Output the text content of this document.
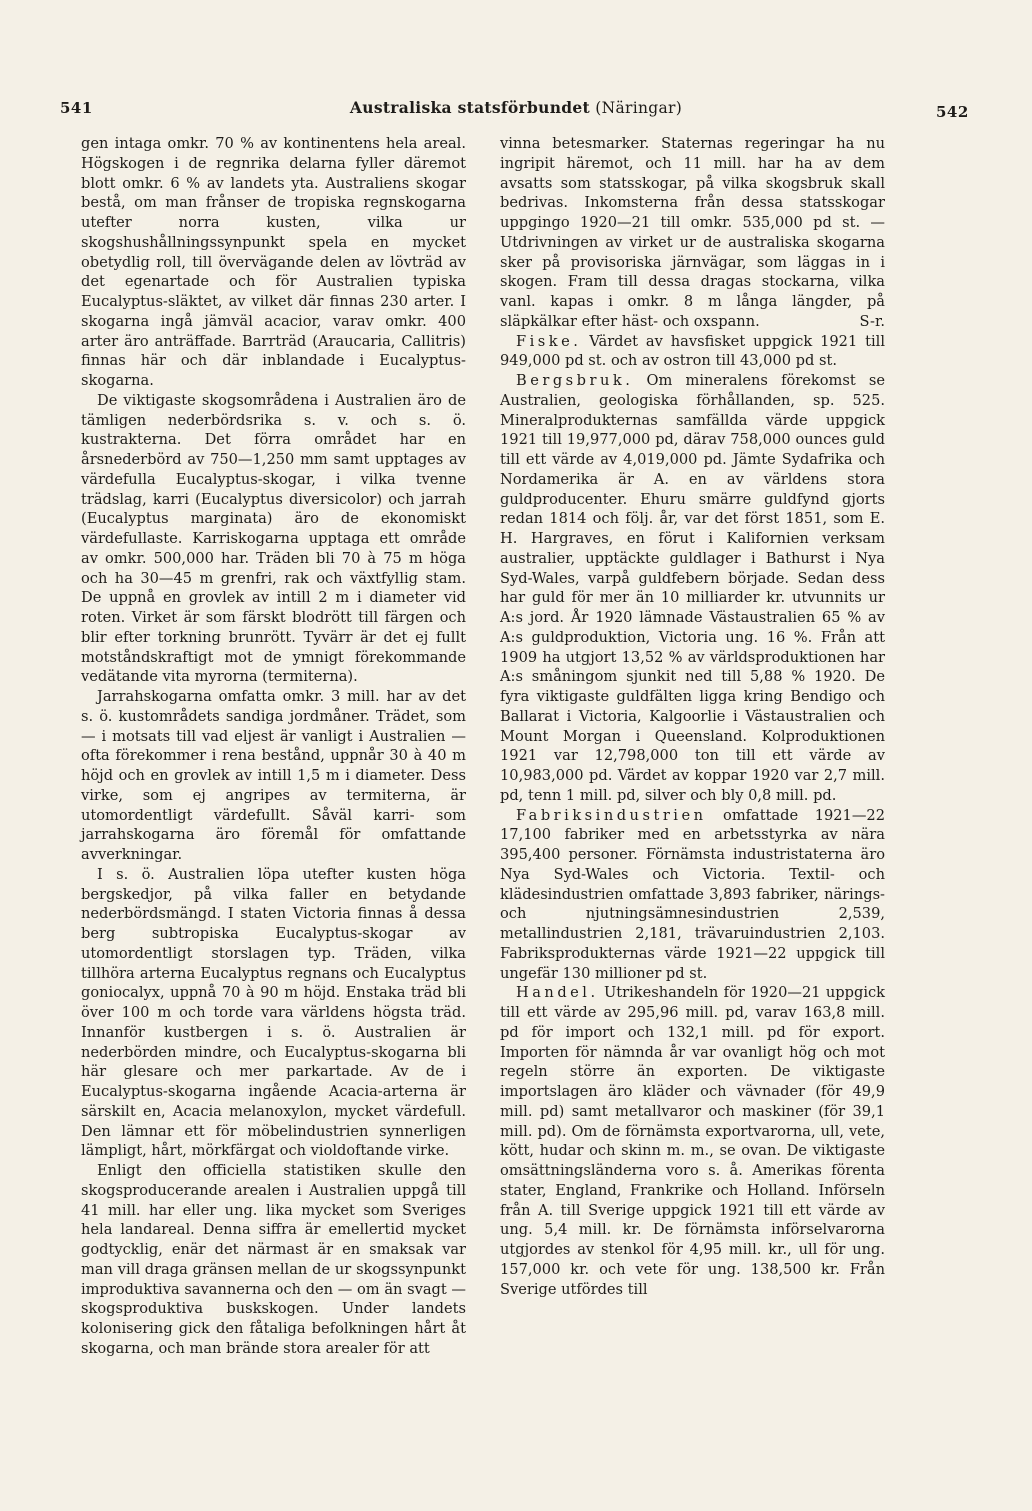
541	Australiska statsförbundet (Näringar)	542

gen intaga omkr. 70 % av kontinentens hela areal. Högskogen i de regnrika delarna fyller däremot blott omkr. 6 % av landets yta. Australiens skogar bestå, om man frånser de tropiska regnskogarna utefter norra kusten, vilka ur skogshushållningssynpunkt spela en mycket obetydlig roll, till övervägande delen av lövträd av det egenartade och för Australien typiska Eucalyptus-släktet, av vilket där finnas 230 arter. I skogarna ingå jämväl acacior, varav omkr. 400 arter äro anträffade. Barrträd (Araucaria, Callitris) finnas här och där inblandade i Eucalyptus-skogarna.

De viktigaste skogsområdena i Australien äro de tämligen nederbördsrika s. v. och s. ö. kustrakterna. Det förra området har en årsnederbörd av 750—1,250 mm samt upptages av värdefulla Eucalyptus-skogar, i vilka tvenne trädslag, karri (Eucalyptus diversicolor) och jarrah (Eucalyptus marginata) äro de ekonomiskt värdefullaste. Karriskogarna upptaga ett område av omkr. 500,000 har. Träden bli 70 à 75 m höga och ha 30—45 m grenfri, rak och växtfyllig stam. De uppnå en grovlek av intill 2 m i diameter vid roten. Virket är som färskt blodrött till färgen och blir efter torkning brunrött. Tyvärr är det ej fullt motståndskraftigt mot de ymnigt förekommande vedätande vita myrorna (termiterna).

Jarrahskogarna omfatta omkr. 3 mill. har av det s. ö. kustområdets sandiga jordmåner. Trädet, som — i motsats till vad eljest är vanligt i Australien — ofta förekommer i rena bestånd, uppnår 30 à 40 m höjd och en grovlek av intill 1,5 m i diameter. Dess virke, som ej angripes av termiterna, är utomordentligt värdefullt. Såväl karri- som jarrahskogarna äro föremål för omfattande avverkningar.

I s. ö. Australien löpa utefter kusten höga bergskedjor, på vilka faller en betydande nederbördsmängd. I staten Victoria finnas å dessa berg subtropiska Eucalyptus-skogar av utomordentligt storslagen typ. Träden, vilka tillhöra arterna Eucalyptus regnans och Eucalyptus goniocalyx, uppnå 70 à 90 m höjd. Enstaka träd bli över 100 m och torde vara världens högsta träd. Innanför kustbergen i s. ö. Australien är nederbörden mindre, och Eucalyptus-skogarna bli här glesare och mer parkartade. Av de i Eucalyptus-skogarna ingående Acacia-arterna är särskilt en, Acacia melanoxylon, mycket värdefull. Den lämnar ett för möbelindustrien synnerligen lämpligt, hårt, mörkfärgat och violdoftande virke.

Enligt den officiella statistiken skulle den skogsproducerande arealen i Australien uppgå till 41 mill. har eller ung. lika mycket som Sveriges hela landareal. Denna siffra är emellertid mycket godtycklig, enär det närmast är en smaksak var man vill draga gränsen mellan de ur skogssynpunkt improduktiva savannerna och den — om än svagt — skogsproduktiva buskskogen. Under landets kolonisering gick den fåtaliga befolkningen hårt åt skogarna, och man brände stora arealer för att

vinna betesmarker. Staternas regeringar ha nu ingripit häremot, och 11 mill. har ha av dem avsatts som statsskogar, på vilka skogsbruk skall bedrivas. Inkomsterna från dessa statsskogar uppgingo 1920—21 till omkr. 535,000 pd st. — Utdrivningen av virket ur de australiska skogarna sker på provisoriska järnvägar, som läggas in i skogen. Fram till dessa dragas stockarna, vilka vanl. kapas i omkr. 8 m långa längder, på släpkälkar efter häst- och oxspann.	S-r.

Fiske. Värdet av havsfisket uppgick 1921 till 949,000 pd st. och av ostron till 43,000 pd st.

Bergsbruk. Om mineralens förekomst se Australien, geologiska förhållanden, sp. 525. Mineralprodukternas samfällda värde uppgick 1921 till 19,977,000 pd, därav 758,000 ounces guld till ett värde av 4,019,000 pd. Jämte Sydafrika och Nordamerika är A. en av världens stora guldproducenter. Ehuru smärre guldfynd gjorts redan 1814 och följ. år, var det först 1851, som E. H. Hargraves, en förut i Kalifornien verksam australier, upptäckte guldlager i Bathurst i Nya Syd-Wales, varpå guldfebern började. Sedan dess har guld för mer än 10 milliarder kr. utvunnits ur A:s jord. År 1920 lämnade Västaustralien 65 % av A:s guldproduktion, Victoria ung. 16 %. Från att 1909 ha utgjort 13,52 % av världsproduktionen har A:s småningom sjunkit ned till 5,88 % 1920. De fyra viktigaste guldfälten ligga kring Bendigo och Ballarat i Victoria, Kalgoorlie i Västaustralien och Mount Morgan i Queensland. Kolproduktionen 1921 var 12,798,000 ton till ett värde av 10,983,000 pd. Värdet av koppar 1920 var 2,7 mill. pd, tenn 1 mill. pd, silver och bly 0,8 mill. pd.

Fabriksindustrien omfattade 1921—22 17,100 fabriker med en arbetsstyrka av nära 395,400 personer. Förnämsta industristaterna äro Nya Syd-Wales och Victoria. Textil- och klädesindustrien omfattade 3,893 fabriker, närings- och njutningsämnesindustrien 2,539, metallindustrien 2,181, trävaruindustrien 2,103. Fabriksprodukternas värde 1921—22 uppgick till ungefär 130 millioner pd st.

Handel. Utrikeshandeln för 1920—21 uppgick till ett värde av 295,96 mill. pd, varav 163,8 mill. pd för import och 132,1 mill. pd för export. Importen för nämnda år var ovanligt hög och mot regeln större än exporten. De viktigaste importslagen äro kläder och vävnader (för 49,9 mill. pd) samt metallvaror och maskiner (för 39,1 mill. pd). Om de förnämsta exportvarorna, ull, vete, kött, hudar och skinn m. m., se ovan. De viktigaste omsättningsländerna voro s. å. Amerikas förenta stater, England, Frankrike och Holland. Införseln från A. till Sverige uppgick 1921 till ett värde av ung. 5,4 mill. kr. De förnämsta införselvarorna utgjordes av stenkol för 4,95 mill. kr., ull för ung. 157,000 kr. och vete för ung. 138,500 kr. Från Sverige utfördes till
